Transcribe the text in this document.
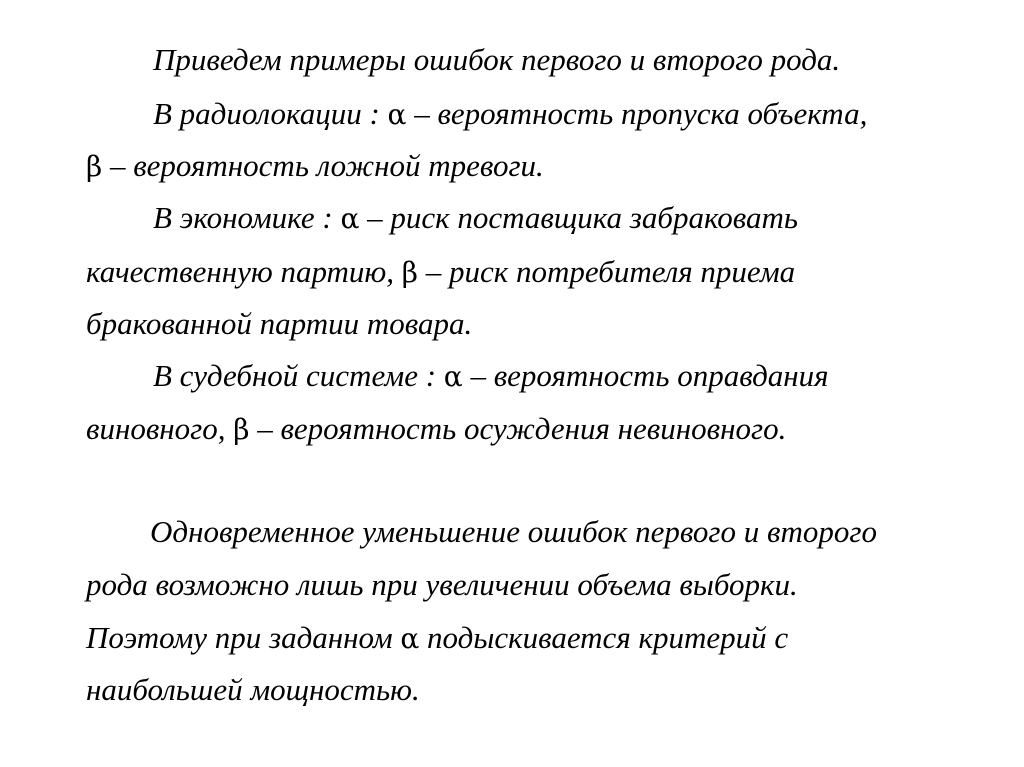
Приведем примеры ошибок первого и второго рода.
В радиолокации : α – вероятность пропуска объекта,
β – вероятность ложной тревоги.
В экономике : α – риск поставщика забраковать
качественную партию, β – риск потребителя приема
бракованной партии товара.
В судебной системе : α – вероятность оправдания
виновного, β – вероятность осуждения невиновного.
Одновременное уменьшение ошибок первого и второго
рода возможно лишь при увеличении объема выборки.
Поэтому при заданном α подыскивается критерий с
наибольшей мощностью.
